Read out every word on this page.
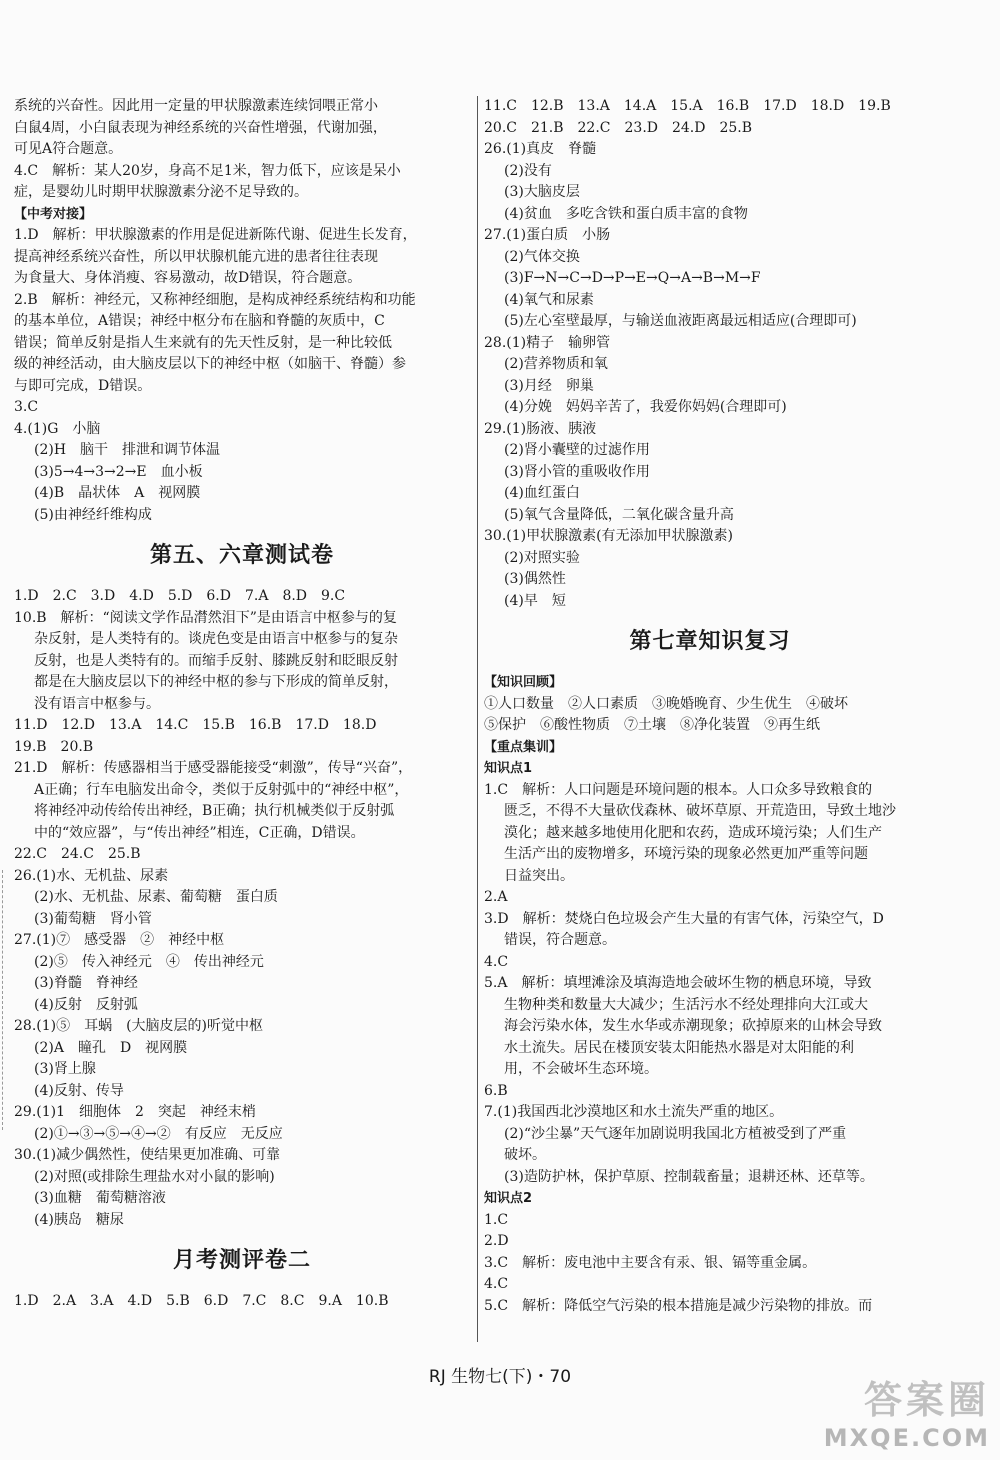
系统的兴奋性。因此用一定量的甲状腺激素连续饲喂正常小
白鼠4周，小白鼠表现为神经系统的兴奋性增强，代谢加强，
可见A符合题意。
4.C　解析：某人20岁，身高不足1米，智力低下，应该是呆小
症，是婴幼儿时期甲状腺激素分泌不足导致的。
【中考对接】
1.D　解析：甲状腺激素的作用是促进新陈代谢、促进生长发育，
提高神经系统兴奋性，所以甲状腺机能亢进的患者往往表现
为食量大、身体消瘦、容易激动，故D错误，符合题意。
2.B　解析：神经元，又称神经细胞，是构成神经系统结构和功能
的基本单位，A错误；神经中枢分布在脑和脊髓的灰质中，C
错误；简单反射是指人生来就有的先天性反射，是一种比较低
级的神经活动，由大脑皮层以下的神经中枢（如脑干、脊髓）参
与即可完成，D错误。
3.C
4.(1)G　小脑
(2)H　脑干　排泄和调节体温
(3)5→4→3→2→E　血小板
(4)B　晶状体　A　视网膜
(5)由神经纤维构成
第五、六章测试卷
1.D　2.C　3.D　4.D　5.D　6.D　7.A　8.D　9.C
10.B　解析：“阅读文学作品潸然泪下”是由语言中枢参与的复
杂反射，是人类特有的。谈虎色变是由语言中枢参与的复杂
反射，也是人类特有的。而缩手反射、膝跳反射和眨眼反射
都是在大脑皮层以下的神经中枢的参与下形成的简单反射，
没有语言中枢参与。
11.D　12.D　13.A　14.C　15.B　16.B　17.D　18.D
19.B　20.B
21.D　解析：传感器相当于感受器能接受“刺激”，传导“兴奋”，
A正确；行车电脑发出命令，类似于反射弧中的“神经中枢”，
将神经冲动传给传出神经，B正确；执行机械类似于反射弧
中的“效应器”，与“传出神经”相连，C正确，D错误。
22.C　24.C　25.B
26.(1)水、无机盐、尿素
(2)水、无机盐、尿素、葡萄糖　蛋白质
(3)葡萄糖　肾小管
27.(1)⑦　感受器　②　神经中枢
(2)⑤　传入神经元　④　传出神经元
(3)脊髓　脊神经
(4)反射　反射弧
28.(1)⑤　耳蜗　(大脑皮层的)听觉中枢
(2)A　瞳孔　D　视网膜
(3)肾上腺
(4)反射、传导
29.(1)1　细胞体　2　突起　神经末梢
(2)①→③→⑤→④→②　有反应　无反应
30.(1)减少偶然性，使结果更加准确、可靠
(2)对照(或排除生理盐水对小鼠的影响)
(3)血糖　葡萄糖溶液
(4)胰岛　糖尿
月考测评卷二
1.D　2.A　3.A　4.D　5.B　6.D　7.C　8.C　9.A　10.B
11.C　12.B　13.A　14.A　15.A　16.B　17.D　18.D　19.B
20.C　21.B　22.C　23.D　24.D　25.B
26.(1)真皮　脊髓
(2)没有
(3)大脑皮层
(4)贫血　多吃含铁和蛋白质丰富的食物
27.(1)蛋白质　小肠
(2)气体交换
(3)F→N→C→D→P→E→Q→A→B→M→F
(4)氧气和尿素
(5)左心室壁最厚，与输送血液距离最远相适应(合理即可)
28.(1)精子　输卵管
(2)营养物质和氧
(3)月经　卵巢
(4)分娩　妈妈辛苦了，我爱你妈妈(合理即可)
29.(1)肠液、胰液
(2)肾小囊壁的过滤作用
(3)肾小管的重吸收作用
(4)血红蛋白
(5)氧气含量降低，二氧化碳含量升高
30.(1)甲状腺激素(有无添加甲状腺激素)
(2)对照实验
(3)偶然性
(4)早　短
第七章知识复习
【知识回顾】
①人口数量　②人口素质　③晚婚晚育、少生优生　④破坏
⑤保护　⑥酸性物质　⑦土壤　⑧净化装置　⑨再生纸
【重点集训】
知识点1
1.C　解析：人口问题是环境问题的根本。人口众多导致粮食的
匮乏，不得不大量砍伐森林、破坏草原、开荒造田，导致土地沙
漠化；越来越多地使用化肥和农药，造成环境污染；人们生产
生活产出的废物增多，环境污染的现象必然更加严重等问题
日益突出。
2.A
3.D　解析：焚烧白色垃圾会产生大量的有害气体，污染空气，D
错误，符合题意。
4.C
5.A　解析：填埋滩涂及填海造地会破坏生物的栖息环境，导致
生物种类和数量大大减少；生活污水不经处理排向大江或大
海会污染水体，发生水华或赤潮现象；砍掉原来的山林会导致
水土流失。居民在楼顶安装太阳能热水器是对太阳能的利
用，不会破坏生态环境。
6.B
7.(1)我国西北沙漠地区和水土流失严重的地区。
(2)“沙尘暴”天气逐年加剧说明我国北方植被受到了严重
破坏。
(3)造防护林，保护草原、控制载畜量；退耕还林、还草等。
知识点2
1.C
2.D
3.C　解析：废电池中主要含有汞、银、镉等重金属。
4.C
5.C　解析：降低空气污染的根本措施是减少污染物的排放。而
RJ 生物七(下)・70
答案圈
MXQE.COM
